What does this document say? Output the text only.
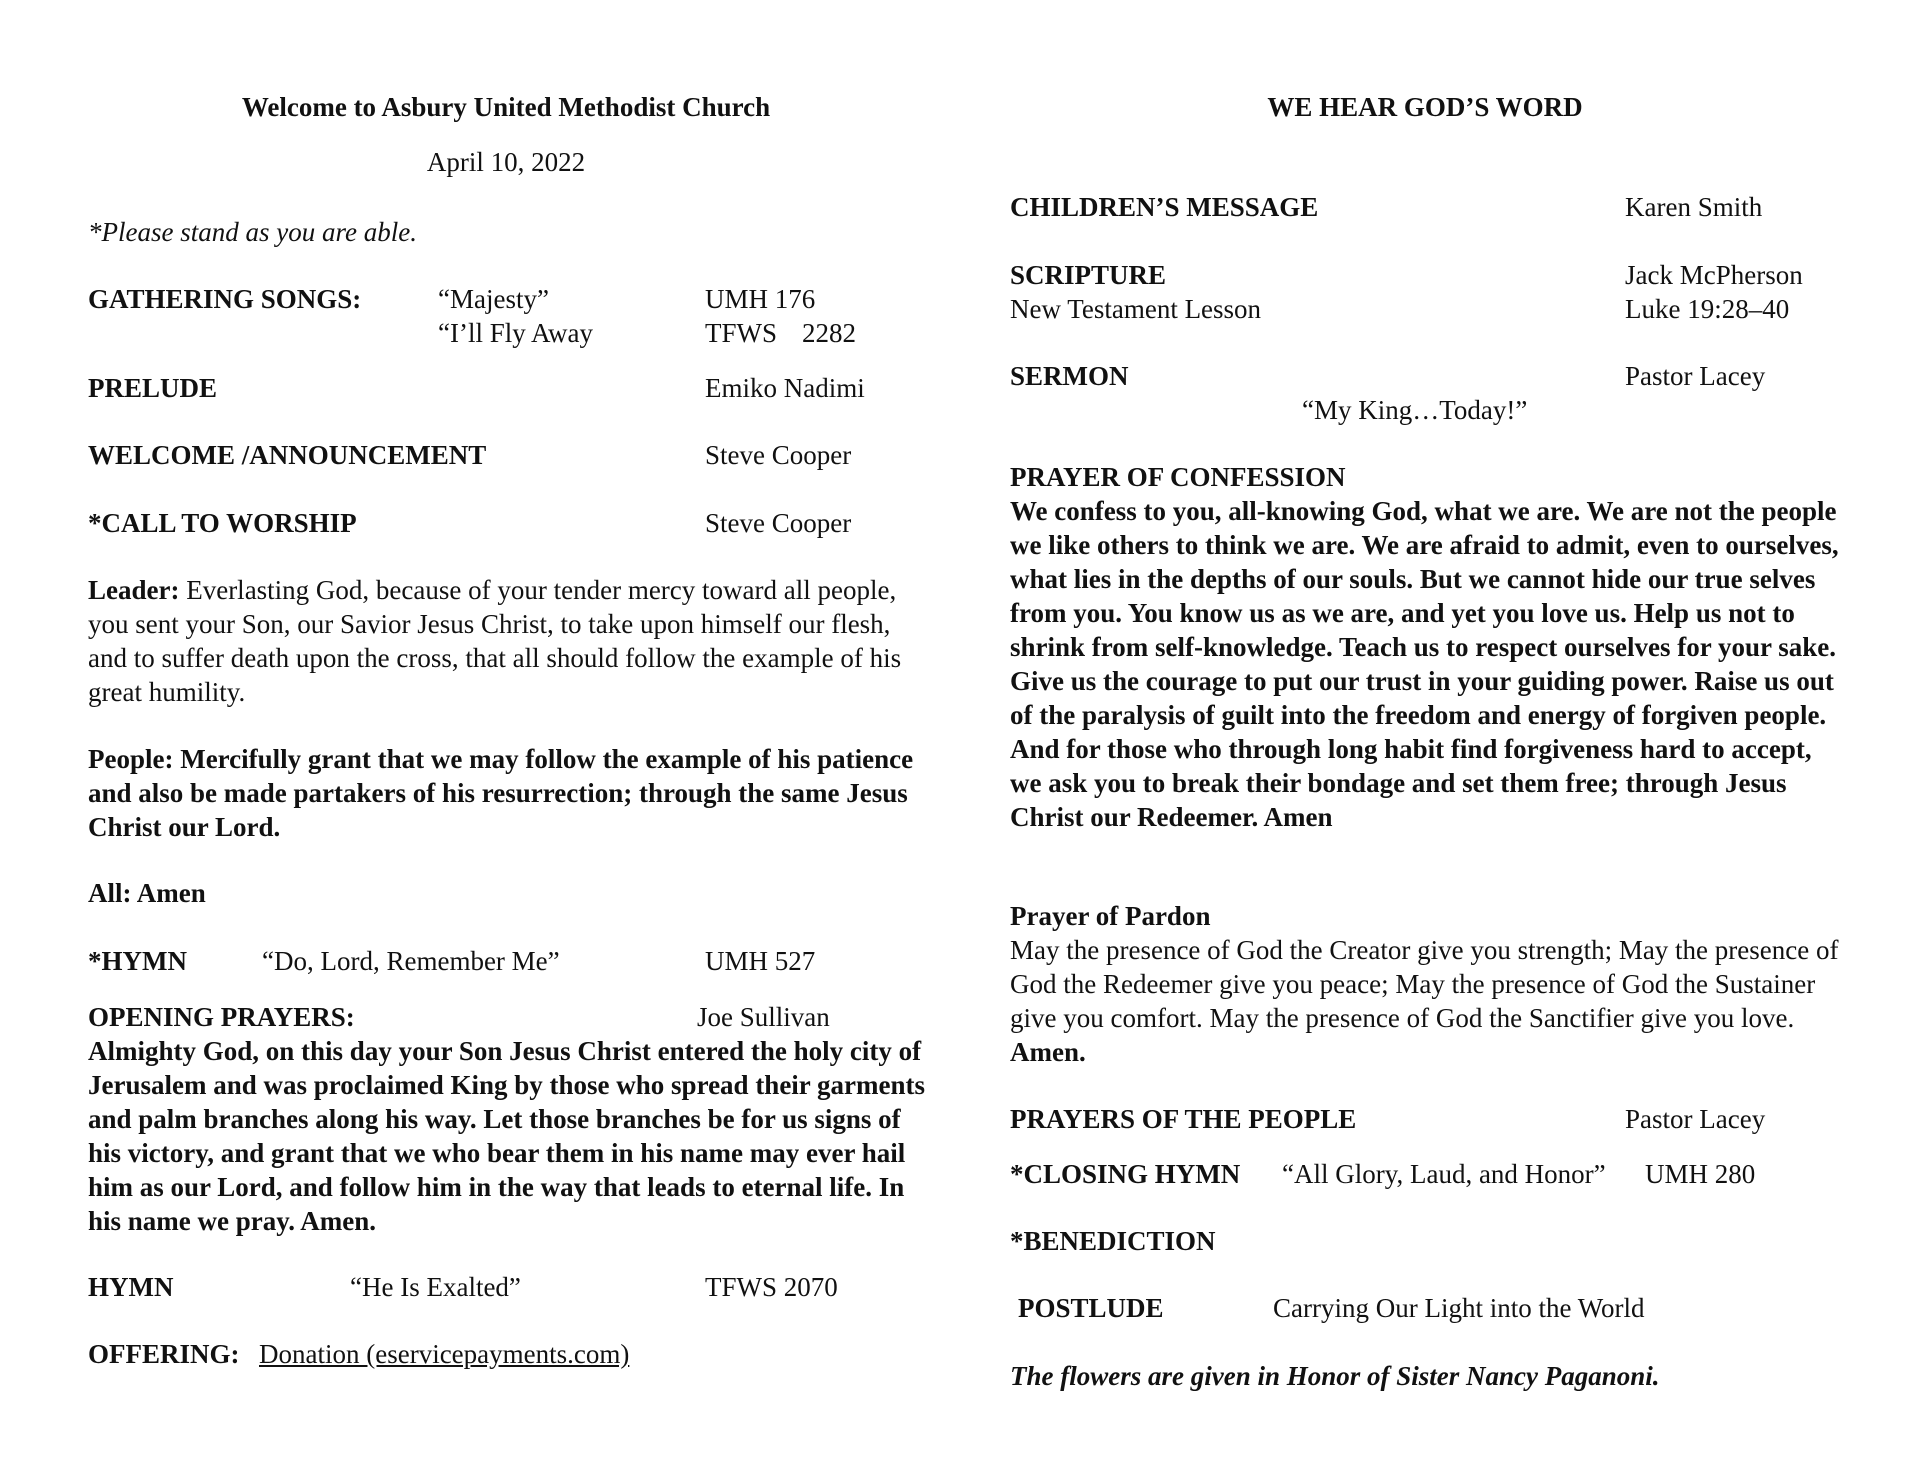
Welcome to Asbury United Methodist Church
April 10, 2022
*Please stand as you are able.
GATHERING SONGS:	“Majesty”	UMH 176
“I’ll Fly Away	TFWS 2282
PRELUDE	Emiko Nadimi
WELCOME /ANNOUNCEMENT	Steve Cooper
*CALL TO WORSHIP	Steve Cooper
Leader: Everlasting God, because of your tender mercy toward all people, you sent your Son, our Savior Jesus Christ, to take upon himself our flesh, and to suffer death upon the cross, that all should follow the example of his great humility.
People: Mercifully grant that we may follow the example of his patience and also be made partakers of his resurrection; through the same Jesus Christ our Lord.
All: Amen
*HYMN	“Do, Lord, Remember Me”	UMH 527
OPENING PRAYERS:	Joe Sullivan
Almighty God, on this day your Son Jesus Christ entered the holy city of Jerusalem and was proclaimed King by those who spread their garments and palm branches along his way. Let those branches be for us signs of his victory, and grant that we who bear them in his name may ever hail him as our Lord, and follow him in the way that leads to eternal life. In his name we pray. Amen.
HYMN	“He Is Exalted”	TFWS 2070
OFFERING: Donation (eservicepayments.com)
WE HEAR GOD’S WORD
CHILDREN’S MESSAGE	Karen Smith
SCRIPTURE	Jack McPherson
New Testament Lesson	Luke 19:28–40
SERMON	Pastor Lacey
“My King…Today!”
PRAYER OF CONFESSION
We confess to you, all-knowing God, what we are. We are not the people we like others to think we are. We are afraid to admit, even to ourselves, what lies in the depths of our souls. But we cannot hide our true selves from you. You know us as we are, and yet you love us. Help us not to shrink from self-knowledge. Teach us to respect ourselves for your sake. Give us the courage to put our trust in your guiding power. Raise us out of the paralysis of guilt into the freedom and energy of forgiven people. And for those who through long habit find forgiveness hard to accept, we ask you to break their bondage and set them free; through Jesus Christ our Redeemer. Amen
Prayer of Pardon
May the presence of God the Creator give you strength; May the presence of God the Redeemer give you peace; May the presence of God the Sustainer give you comfort. May the presence of God the Sanctifier give you love. Amen.
PRAYERS OF THE PEOPLE	Pastor Lacey
*CLOSING HYMN “All Glory, Laud, and Honor” UMH 280
*BENEDICTION
POSTLUDE	Carrying Our Light into the World
The flowers are given in Honor of Sister Nancy Paganoni.
